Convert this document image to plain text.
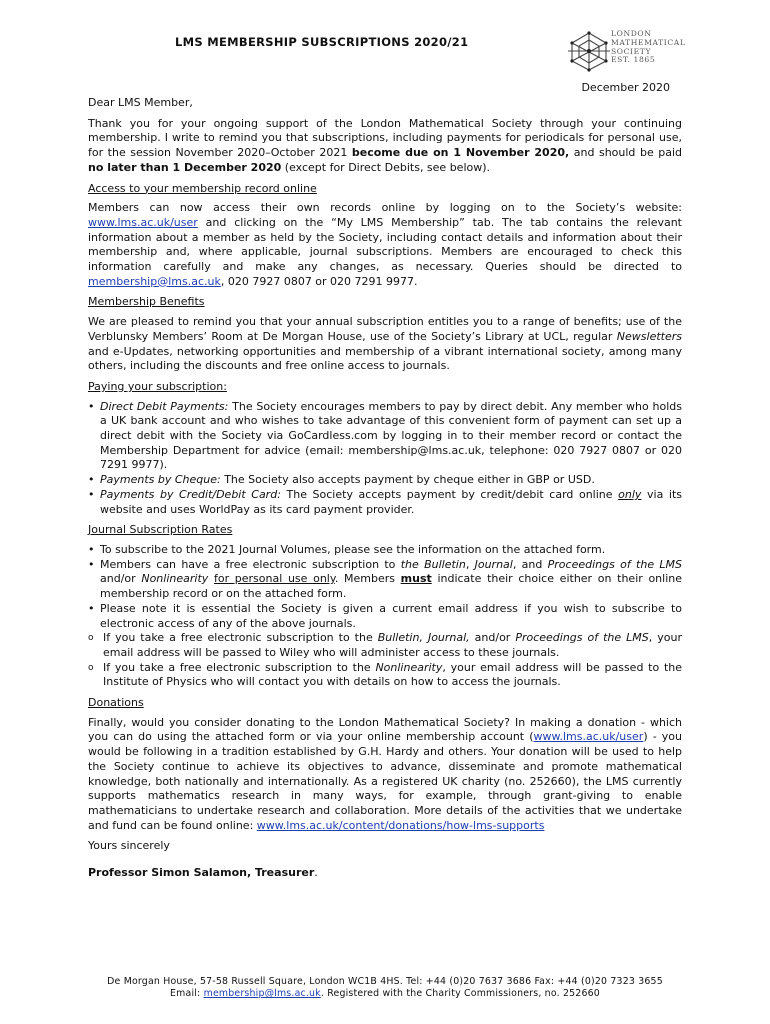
LMS MEMBERSHIP SUBSCRIPTIONS 2020/21
LONDON
MATHEMATICAL
SOCIETY
EST. 1865
December 2020

Dear LMS Member,

Thank you for your ongoing support of the London Mathematical Society through your continuing membership. I write to remind you that subscriptions, including payments for periodicals for personal use, for the session November 2020–October 2021 become due on 1 November 2020, and should be paid no later than 1 December 2020 (except for Direct Debits, see below).

Access to your membership record online

Members can now access their own records online by logging on to the Society’s website: www.lms.ac.uk/user and clicking on the “My LMS Membership” tab. The tab contains the relevant information about a member as held by the Society, including contact details and information about their membership and, where applicable, journal subscriptions. Members are encouraged to check this information carefully and make any changes, as necessary. Queries should be directed to membership@lms.ac.uk, 020 7927 0807 or 020 7291 9977.

Membership Benefits

We are pleased to remind you that your annual subscription entitles you to a range of benefits; use of the Verblunsky Members’ Room at De Morgan House, use of the Society’s Library at UCL, regular Newsletters and e-Updates, networking opportunities and membership of a vibrant international society, among many others, including the discounts and free online access to journals.

Paying your subscription:
• Direct Debit Payments: The Society encourages members to pay by direct debit. Any member who holds a UK bank account and who wishes to take advantage of this convenient form of payment can set up a direct debit with the Society via GoCardless.com by logging in to their member record or contact the Membership Department for advice (email: membership@lms.ac.uk, telephone: 020 7927 0807 or 020 7291 9977).
• Payments by Cheque: The Society also accepts payment by cheque either in GBP or USD.
• Payments by Credit/Debit Card: The Society accepts payment by credit/debit card online only via its website and uses WorldPay as its card payment provider.
Journal Subscription Rates
• To subscribe to the 2021 Journal Volumes, please see the information on the attached form.
• Members can have a free electronic subscription to the Bulletin, Journal, and Proceedings of the LMS and/or Nonlinearity for personal use only. Members must indicate their choice either on their online membership record or on the attached form.
• Please note it is essential the Society is given a current email address if you wish to subscribe to electronic access of any of the above journals.
o If you take a free electronic subscription to the Bulletin, Journal, and/or Proceedings of the LMS, your email address will be passed to Wiley who will administer access to these journals.
o If you take a free electronic subscription to the Nonlinearity, your email address will be passed to the Institute of Physics who will contact you with details on how to access the journals.
Donations

Finally, would you consider donating to the London Mathematical Society? In making a donation - which you can do using the attached form or via your online membership account (www.lms.ac.uk/user) - you would be following in a tradition established by G.H. Hardy and others. Your donation will be used to help the Society continue to achieve its objectives to advance, disseminate and promote mathematical knowledge, both nationally and internationally. As a registered UK charity (no. 252660), the LMS currently supports mathematics research in many ways, for example, through grant-giving to enable mathematicians to undertake research and collaboration. More details of the activities that we undertake and fund can be found online: www.lms.ac.uk/content/donations/how-lms-supports

Yours sincerely

Professor Simon Salamon, Treasurer.

De Morgan House, 57-58 Russell Square, London WC1B 4HS. Tel: +44 (0)20 7637 3686 Fax: +44 (0)20 7323 3655
Email: membership@lms.ac.uk. Registered with the Charity Commissioners, no. 252660
